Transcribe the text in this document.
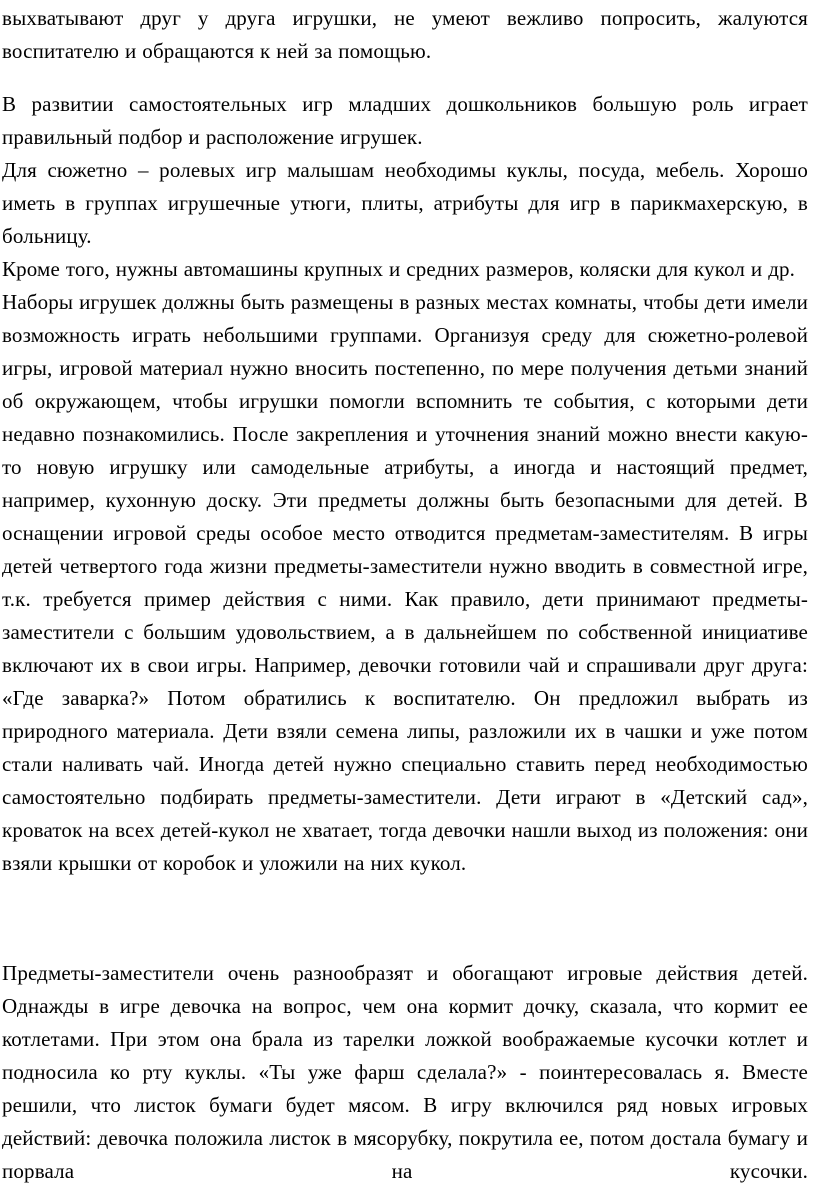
выхватывают друг у друга игрушки, не умеют вежливо попросить, жалуются воспитателю и обращаются к ней за помощью.

В развитии самостоятельных игр младших дошкольников большую роль играет правильный подбор и расположение игрушек.

Для сюжетно – ролевых игр малышам необходимы куклы, посуда, мебель. Хорошо иметь в группах игрушечные утюги, плиты, атрибуты для игр в парикмахерскую, в больницу.

Кроме того, нужны автомашины крупных и средних размеров, коляски для кукол и др.

Наборы игрушек должны быть размещены в разных местах комнаты, чтобы дети имели возможность играть небольшими группами. Организуя среду для сюжетно-ролевой игры, игровой материал нужно вносить постепенно, по мере получения детьми знаний об окружающем, чтобы игрушки помогли вспомнить те события, с которыми дети недавно познакомились. После закрепления и уточнения знаний можно внести какую-то новую игрушку или самодельные атрибуты, а иногда и настоящий предмет, например, кухонную доску. Эти предметы должны быть безопасными для детей. В оснащении игровой среды особое место отводится предметам-заместителям. В игры детей четвертого года жизни предметы-заместители нужно вводить в совместной игре, т.к. требуется пример действия с ними. Как правило, дети принимают предметы-заместители с большим удовольствием, а в дальнейшем по собственной инициативе включают их в свои игры. Например, девочки готовили чай и спрашивали друг друга: «Где заварка?» Потом обратились к воспитателю. Он предложил выбрать из природного материала. Дети взяли семена липы, разложили их в чашки и уже потом стали наливать чай. Иногда детей нужно специально ставить перед необходимостью самостоятельно подбирать предметы-заместители. Дети играют в «Детский сад», кроваток на всех детей-кукол не хватает, тогда девочки нашли выход из положения: они взяли крышки от коробок и уложили на них кукол.

Предметы-заместители очень разнообразят и обогащают игровые действия детей. Однажды в игре девочка на вопрос, чем она кормит дочку, сказала, что кормит ее котлетами. При этом она брала из тарелки ложкой воображаемые кусочки котлет и подносила ко рту куклы. «Ты уже фарш сделала?» - поинтересовалась я. Вместе решили, что листок бумаги будет мясом. В игру включился ряд новых игровых действий: девочка положила листок в мясорубку, покрутила ее, потом достала бумагу и порвала на кусочки.
